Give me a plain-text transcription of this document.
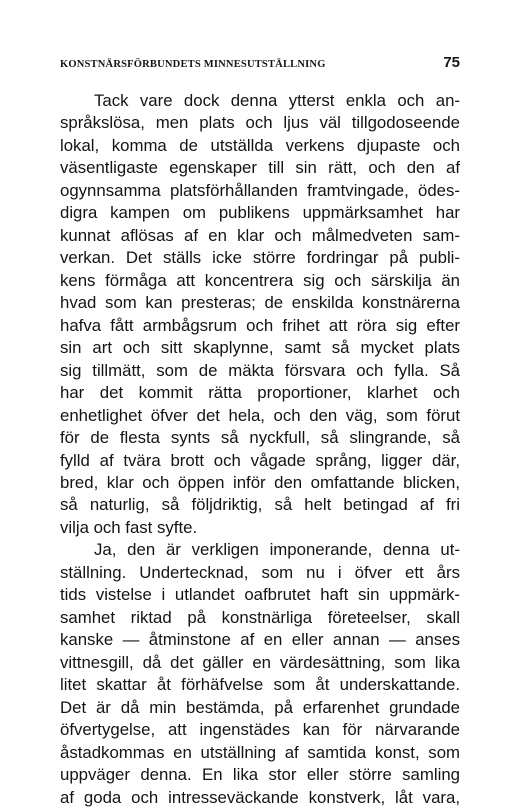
KONSTNÄRSFÖRBUNDETS MINNESUTSTÄLLNING	75
Tack vare dock denna ytterst enkla och an-
språkslösa, men plats och ljus väl tillgodoseende
lokal, komma de utställda verkens djupaste och
väsentligaste egenskaper till sin rätt, och den af
ogynnsamma platsförhållanden framtvingade, ödes-
digra kampen om publikens uppmärksamhet har
kunnat aflösas af en klar och målmedveten sam-
verkan. Det ställs icke större fordringar på publi-
kens förmåga att koncentrera sig och särskilja än
hvad som kan presteras; de enskilda konstnärerna
hafva fått armbågsrum och frihet att röra sig efter
sin art och sitt skaplynne, samt så mycket plats
sig tillmätt, som de mäkta försvara och fylla. Så
har det kommit rätta proportioner, klarhet och
enhetlighet öfver det hela, och den väg, som förut
för de flesta synts så nyckfull, så slingrande, så
fylld af tvära brott och vågade språng, ligger där,
bred, klar och öppen inför den omfattande blicken,
så naturlig, så följdriktig, så helt betingad af fri
vilja och fast syfte.
Ja, den är verkligen imponerande, denna ut-
ställning. Undertecknad, som nu i öfver ett års
tids vistelse i utlandet oafbrutet haft sin uppmärk-
samhet riktad på konstnärliga företeelser, skall
kanske — åtminstone af en eller annan — anses
vittnesgill, då det gäller en värdesättning, som lika
litet skattar åt förhäfvelse som åt underskattande.
Det är då min bestämda, på erfarenhet grundade
öfvertygelse, att ingenstädes kan för närvarande
åstadkommas en utställning af samtida konst, som
uppväger denna. En lika stor eller större samling
af goda och intresseväckande konstverk, låt vara,
